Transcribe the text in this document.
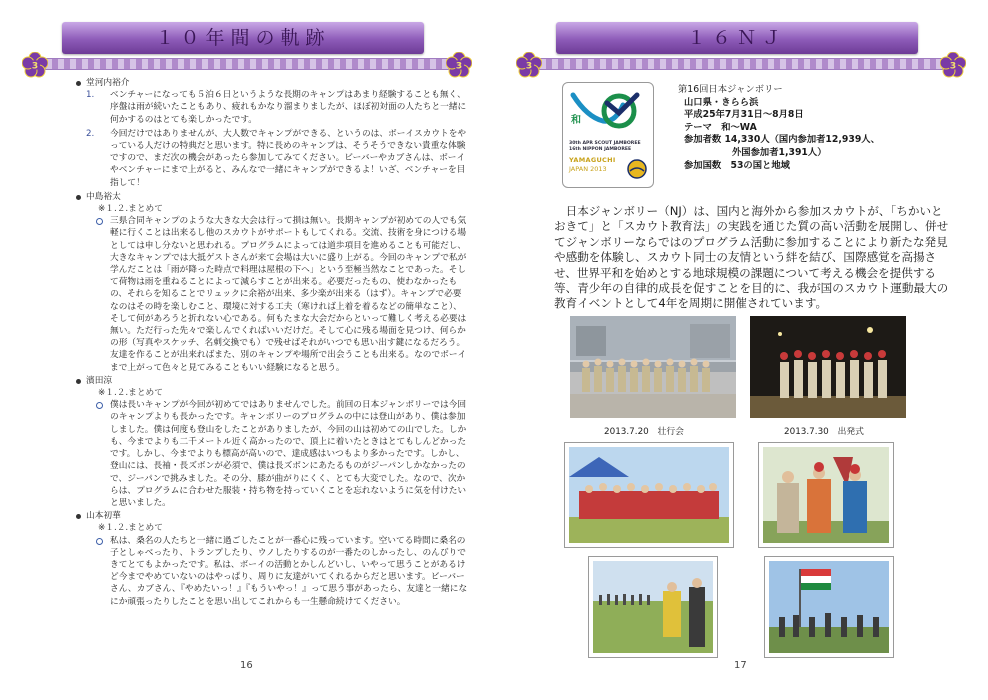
１０年間の軌跡
3	3
堂河内裕介
1. ベンチャーになっても５泊６日というような長期のキャンプはあまり経験することも無く、序盤は雨が続いたこともあり、疲れもかなり溜まりましたが、ほぼ初対面の人たちと一緒に何かするのはとても楽しかったです。
2. 今回だけではありませんが、大人数でキャンプができる、というのは、ボーイスカウトをやっている人だけの特典だと思います。特に長めのキャンプは、そうそうできない貴重な体験ですので、まだ次の機会があったら参加してみてください。ビーバーやカブさんは、ボーイやベンチャーにまで上がると、みんなで一緒にキャンプができるよ！いざ、ベンチャーを目指して！
中島裕太
※１.２.まとめて
三県合同キャンプのような大きな大会は行って損は無い。長期キャンプが初めての人でも気軽に行くことは出来るし他のスカウトがサポートもしてくれる。交流、技術を身につける場としては申し分ないと思われる。プログラムによっては道歩項目を進めることも可能だし、大きなキャンプでは大抵ゲストさんが来て会場は大いに盛り上がる。今回のキャンプで私が学んだことは「雨が降った時点で料理は屋根の下へ」という至極当然なことであった。そして荷物は雨を重ねることによって減らすことが出来る。必要だったもの、使わなかったもの、それらを知ることでリュックに余裕が出来、多少楽が出来る（はず）。キャンプで必要なのはその時を楽しむこと、環境に対する工夫（寒ければ上着を着るなどの簡単なこと）、そして何があろうと折れない心である。何もたまな大会だからといって難しく考える必要は無い。ただ行った先々で楽しんでくればいいだけだ。そして心に残る場面を見つけ、何らかの形（写真やスケッチ、名刺交換でも）で残せばそれがいつでも思い出す鍵になるだろう。友達を作ることが出来ればまた、別のキャンプや場所で出会うことも出来る。なのでボーイまで上がって色々と見てみることもいい経験になると思う。
濱田涼
※１.２.まとめて
僕は長いキャンプが今回が初めてではありませんでした。前回の日本ジャンボリーでは今回のキャンプよりも長かったです。キャンボリーのプログラムの中には登山があり、僕は参加しました。僕は何度も登山をしたことがありましたが、今回の山は初めての山でした。しかも、今までよりも二千メートル近く高かったので、頂上に着いたときはとてもしんどかったです。しかし、今までよりも標高が高いので、達成感はいつもより多かったです。しかし、登山には、長袖・長ズボンが必須で、僕は長ズボンにあたるものがジーパンしかなかったので、ジーパンで挑みました。その分、膝が曲がりにくく、とても大変でした。なので、次からは、プログラムに合わせた服装・持ち物を持っていくことを忘れないように気を付けたいと思いました。
山本初華
※１.２.まとめて
私は、桑名の人たちと一緒に過ごしたことが一番心に残っています。空いてる時間に桑名の子としゃべったり、トランプしたり、ウノしたりするのが一番たのしかったし、のんびりできてとてもよかったです。私は、ボーイの活動とかしんどいし、いやって思うことがあるけど今までやめていないのはやっぱり、周りに友達がいてくれるからだと思います。ビーバーさん、カブさん、『やめたいっ！』『もういやっ！』って思う事があったら、友達と一緒になにか頑張ったりしたことを思い出してこれからも一生懸命続けてください。
16
１６ＮＪ
3	3
和
30th APR SCOUT JAMBOREE
16th NIPPON JAMBOREE
YAMAGUCHI
JAPAN 2013
第16回日本ジャンボリー
山口県・きらら浜
平成25年7月31日～8月8日
テーマ　和～WA
参加者数 14,330人（国内参加者12,939人、
外国参加者1,391人）
参加国数　53の国と地域
日本ジャンボリー（NJ）は、国内と海外から参加スカウトが、「ちかいとおきて」と「スカウト教育法」の実践を通じた質の高い活動を展開し、併せてジャンボリーならではのプログラム活動に参加することにより新たな発見や感動を体験し、スカウト同士の友情という絆を結び、国際感覚を高揚させ、世界平和を始めとする地球規模の課題について考える機会を提供する等、青少年の自律的成長を促すことを目的に、我が国のスカウト運動最大の教育イベントとして4年を周期に開催されています。
2013.7.20　壮行会	2013.7.30　出発式
17
